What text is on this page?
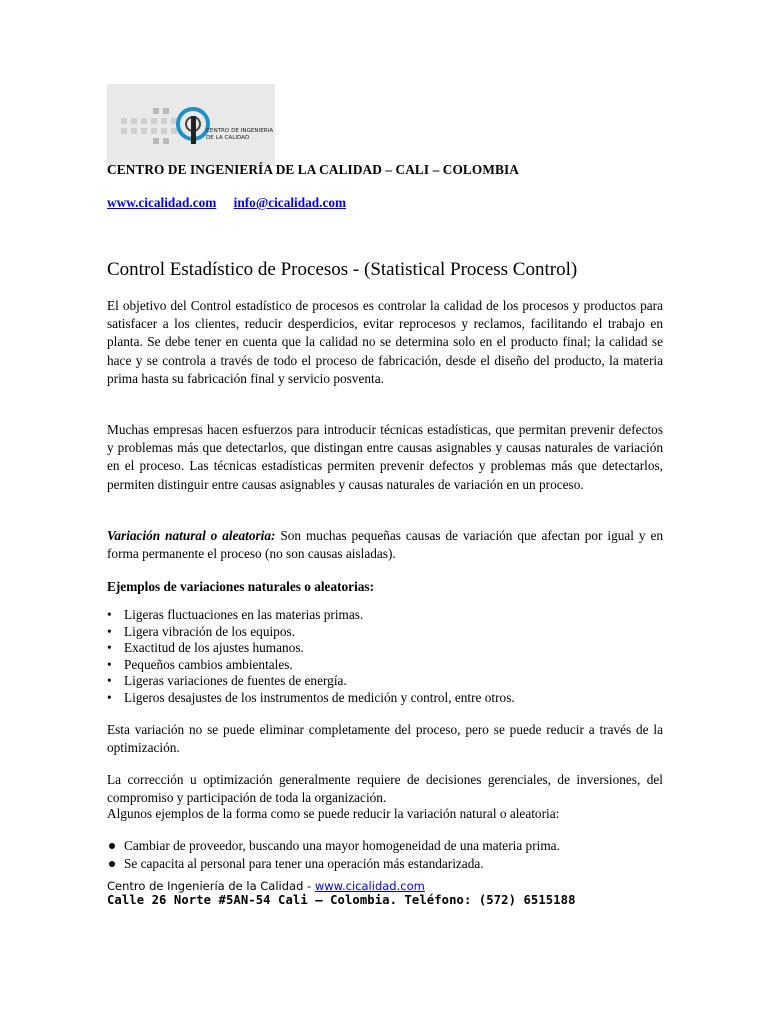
CENTRO DE INGENIERIA
DE LA CALIDAD
CENTRO DE INGENIERÍA DE LA CALIDAD – CALI – COLOMBIA
www.cicalidad.com info@cicalidad.com
Control Estadístico de Procesos - (Statistical Process Control)

El objetivo del Control estadístico de procesos es controlar la calidad de los procesos y productos para satisfacer a los clientes, reducir desperdicios, evitar reprocesos y reclamos, facilitando el trabajo en planta. Se debe tener en cuenta que la calidad no se determina solo en el producto final; la calidad se hace y se controla a través de todo el proceso de fabricación, desde el diseño del producto, la materia prima hasta su fabricación final y servicio posventa.

Muchas empresas hacen esfuerzos para introducir técnicas estadísticas, que permitan prevenir defectos y problemas más que detectarlos, que distingan entre causas asignables y causas naturales de variación en el proceso. Las técnicas estadísticas permiten prevenir defectos y problemas más que detectarlos, permiten distinguir entre causas asignables y causas naturales de variación en un proceso.

Variación natural o aleatoria: Son muchas pequeñas causas de variación que afectan por igual y en forma permanente el proceso (no son causas aisladas).

Ejemplos de variaciones naturales o aleatorias:

• Ligeras fluctuaciones en las materias primas.
• Ligera vibración de los equipos.
• Exactitud de los ajustes humanos.
• Pequeños cambios ambientales.
• Ligeras variaciones de fuentes de energía.
• Ligeros desajustes de los instrumentos de medición y control, entre otros.

Esta variación no se puede eliminar completamente del proceso, pero se puede reducir a través de la optimización.

La corrección u optimización generalmente requiere de decisiones gerenciales, de inversiones, del compromiso y participación de toda la organización.

Algunos ejemplos de la forma como se puede reducir la variación natural o aleatoria:

Cambiar de proveedor, buscando una mayor homogeneidad de una materia prima.
Se capacita al personal para tener una operación más estandarizada.
Centro de Ingeniería de la Calidad - www.cicalidad.com
Calle 26 Norte #5AN-54 Cali – Colombia. Teléfono: (572) 6515188
